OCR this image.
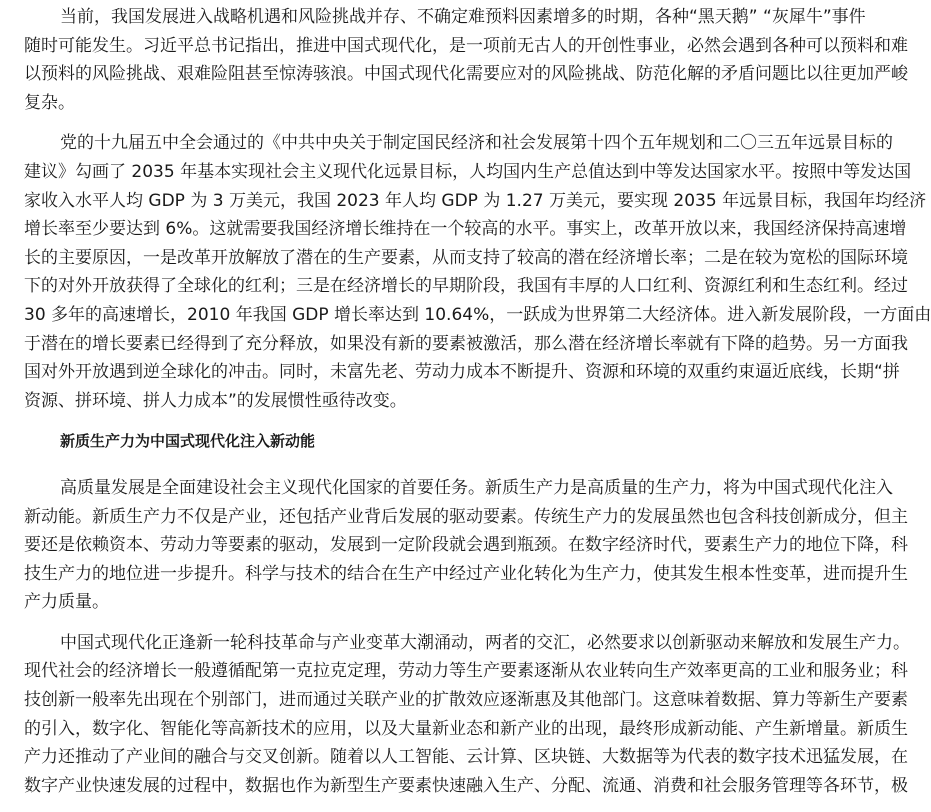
当前，我国发展进入战略机遇和风险挑战并存、不确定难预料因素增多的时期，各种“黑天鹅” “灰犀牛”事件
随时可能发生。习近平总书记指出，推进中国式现代化，是一项前无古人的开创性事业，必然会遇到各种可以预料和难
以预料的风险挑战、艰难险阻甚至惊涛骇浪。中国式现代化需要应对的风险挑战、防范化解的矛盾问题比以往更加严峻
复杂。
党的十九届五中全会通过的《中共中央关于制定国民经济和社会发展第十四个五年规划和二〇三五年远景目标的
建议》勾画了 2035 年基本实现社会主义现代化远景目标，人均国内生产总值达到中等发达国家水平。按照中等发达国
家收入水平人均 GDP 为 3 万美元，我国 2023 年人均 GDP 为 1.27 万美元，要实现 2035 年远景目标，我国年均经济
增长率至少要达到 6%。这就需要我国经济增长维持在一个较高的水平。事实上，改革开放以来，我国经济保持高速增
长的主要原因，一是改革开放解放了潜在的生产要素，从而支持了较高的潜在经济增长率；二是在较为宽松的国际环境
下的对外开放获得了全球化的红利；三是在经济增长的早期阶段，我国有丰厚的人口红利、资源红利和生态红利。经过
30 多年的高速增长，2010 年我国 GDP 增长率达到 10.64%，一跃成为世界第二大经济体。进入新发展阶段，一方面由
于潜在的增长要素已经得到了充分释放，如果没有新的要素被激活，那么潜在经济增长率就有下降的趋势。另一方面我
国对外开放遇到逆全球化的冲击。同时，未富先老、劳动力成本不断提升、资源和环境的双重约束逼近底线，长期“拼
资源、拼环境、拼人力成本”的发展惯性亟待改变。
新质生产力为中国式现代化注入新动能
高质量发展是全面建设社会主义现代化国家的首要任务。新质生产力是高质量的生产力，将为中国式现代化注入
新动能。新质生产力不仅是产业，还包括产业背后发展的驱动要素。传统生产力的发展虽然也包含科技创新成分，但主
要还是依赖资本、劳动力等要素的驱动，发展到一定阶段就会遇到瓶颈。在数字经济时代，要素生产力的地位下降，科
技生产力的地位进一步提升。科学与技术的结合在生产中经过产业化转化为生产力，使其发生根本性变革，进而提升生
产力质量。
中国式现代化正逢新一轮科技革命与产业变革大潮涌动，两者的交汇，必然要求以创新驱动来解放和发展生产力。
现代社会的经济增长一般遵循配第一克拉克定理，劳动力等生产要素逐渐从农业转向生产效率更高的工业和服务业；科
技创新一般率先出现在个别部门，进而通过关联产业的扩散效应逐渐惠及其他部门。这意味着数据、算力等新生产要素
的引入，数字化、智能化等高新技术的应用，以及大量新业态和新产业的出现，最终形成新动能、产生新增量。新质生
产力还推动了产业间的融合与交叉创新。随着以人工智能、云计算、区块链、大数据等为代表的数字技术迅猛发展，在
数字产业快速发展的过程中，数据也作为新型生产要素快速融入生产、分配、流通、消费和社会服务管理等各环节，极
